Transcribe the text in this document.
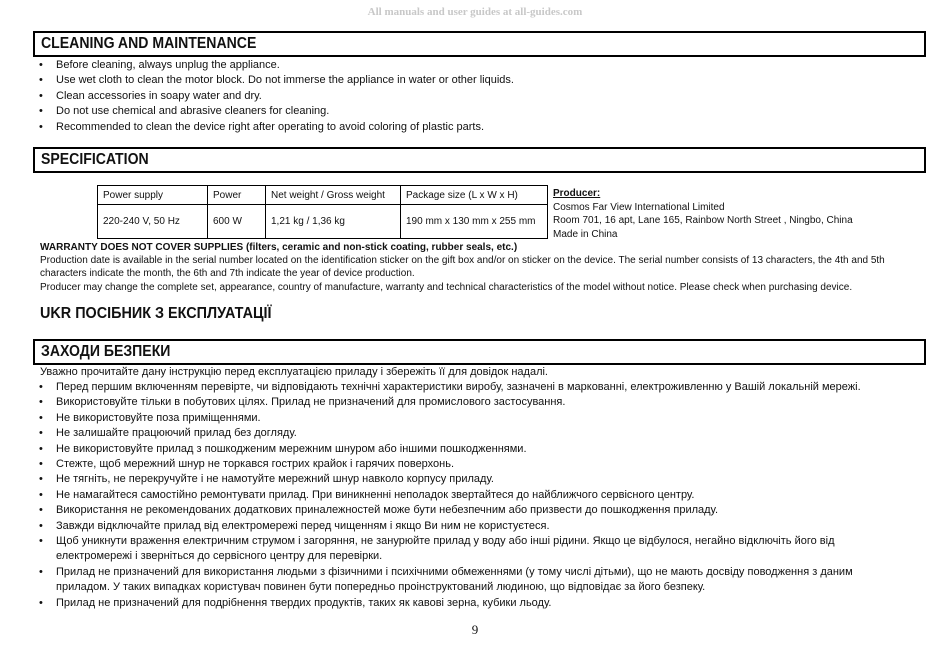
All manuals and user guides at all-guides.com
CLEANING AND MAINTENANCE
• Before cleaning, always unplug the appliance.
• Use wet cloth to clean the motor block. Do not immerse the appliance in water or other liquids.
• Clean accessories in soapy water and dry.
• Do not use chemical and abrasive cleaners for cleaning.
• Recommended to clean the device right after operating to avoid coloring of plastic parts.
SPECIFICATION
Power supply	Power	Net weight / Gross weight	Package size (L x W x H)
220-240 V, 50 Hz	600 W	1,21 kg / 1,36 kg	190 mm x 130 mm x 255 mm
Producer:
Cosmos Far View International Limited
Room 701, 16 apt, Lane 165, Rainbow North Street , Ningbo, China
Made in China
WARRANTY DOES NOT COVER SUPPLIES (filters, ceramic and non-stick coating, rubber seals, etc.)
Production date is available in the serial number located on the identification sticker on the gift box and/or on sticker on the device. The serial number consists of 13 characters, the 4th and 5th characters indicate the month, the 6th and 7th indicate the year of device production.
Producer may change the complete set, appearance, country of manufacture, warranty and technical characteristics of the model without notice. Please check when purchasing device.
UKR ПОСІБНИК З ЕКСПЛУАТАЦІЇ
ЗАХОДИ БЕЗПЕКИ
Уважно прочитайте дану інструкцію перед експлуатацією приладу і збережіть її для довідок надалі.
• Перед першим включенням перевірте, чи відповідають технічні характеристики виробу, зазначені в маркованні, електроживленню у Вашій локальній мережі.
• Використовуйте тільки в побутових цілях. Прилад не призначений для промислового застосування.
• Не використовуйте поза приміщеннями.
• Не залишайте працюючий прилад без догляду.
• Не використовуйте прилад з пошкодженим мережним шнуром або іншими пошкодженнями.
• Стежте, щоб мережний шнур не торкався гострих крайок і гарячих поверхонь.
• Не тягніть, не перекручуйте і не намотуйте мережний шнур навколо корпусу приладу.
• Не намагайтеся самостійно ремонтувати прилад. При виникненні неполадок звертайтеся до найближчого сервісного центру.
• Використання не рекомендованих додаткових приналежностей може бути небезпечним або призвести до пошкодження приладу.
• Завжди відключайте прилад від електромережі перед чищенням і якщо Ви ним не користуєтеся.
• Щоб уникнути враження електричним струмом і загоряння, не занурюйте прилад у воду або інші рідини. Якщо це відбулося, негайно відключіть його від електромережі і зверніться до сервісного центру для перевірки.
• Прилад не призначений для використання людьми з фізичними і психічними обмеженнями (у тому числі дітьми), що не мають досвіду поводження з даним приладом. У таких випадках користувач повинен бути попередньо проінструктований людиною, що відповідає за його безпеку.
• Прилад не призначений для подрібнення твердих продуктів, таких як кавові зерна, кубики льоду.
9
